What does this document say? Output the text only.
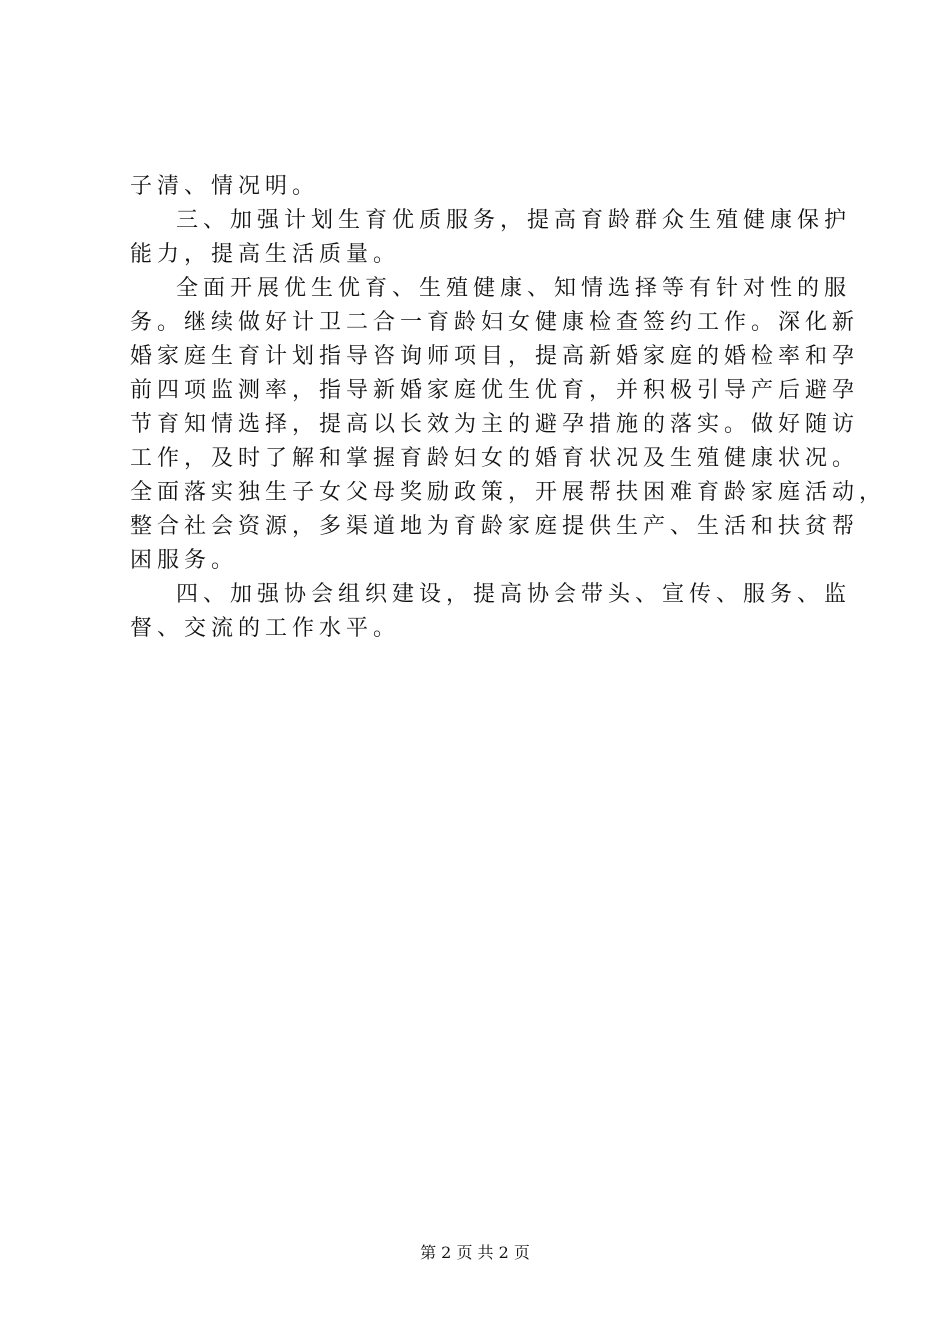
子清、情况明。
三、加强计划生育优质服务，提高育龄群众生殖健康保护
能力，提高生活质量。
全面开展优生优育、生殖健康、知情选择等有针对性的服
务。继续做好计卫二合一育龄妇女健康检查签约工作。深化新
婚家庭生育计划指导咨询师项目，提高新婚家庭的婚检率和孕
前四项监测率，指导新婚家庭优生优育，并积极引导产后避孕
节育知情选择，提高以长效为主的避孕措施的落实。做好随访
工作，及时了解和掌握育龄妇女的婚育状况及生殖健康状况。
全面落实独生子女父母奖励政策，开展帮扶困难育龄家庭活动，
整合社会资源，多渠道地为育龄家庭提供生产、生活和扶贫帮
困服务。
四、加强协会组织建设，提高协会带头、宣传、服务、监
督、交流的工作水平。
第 2 页 共 2 页
